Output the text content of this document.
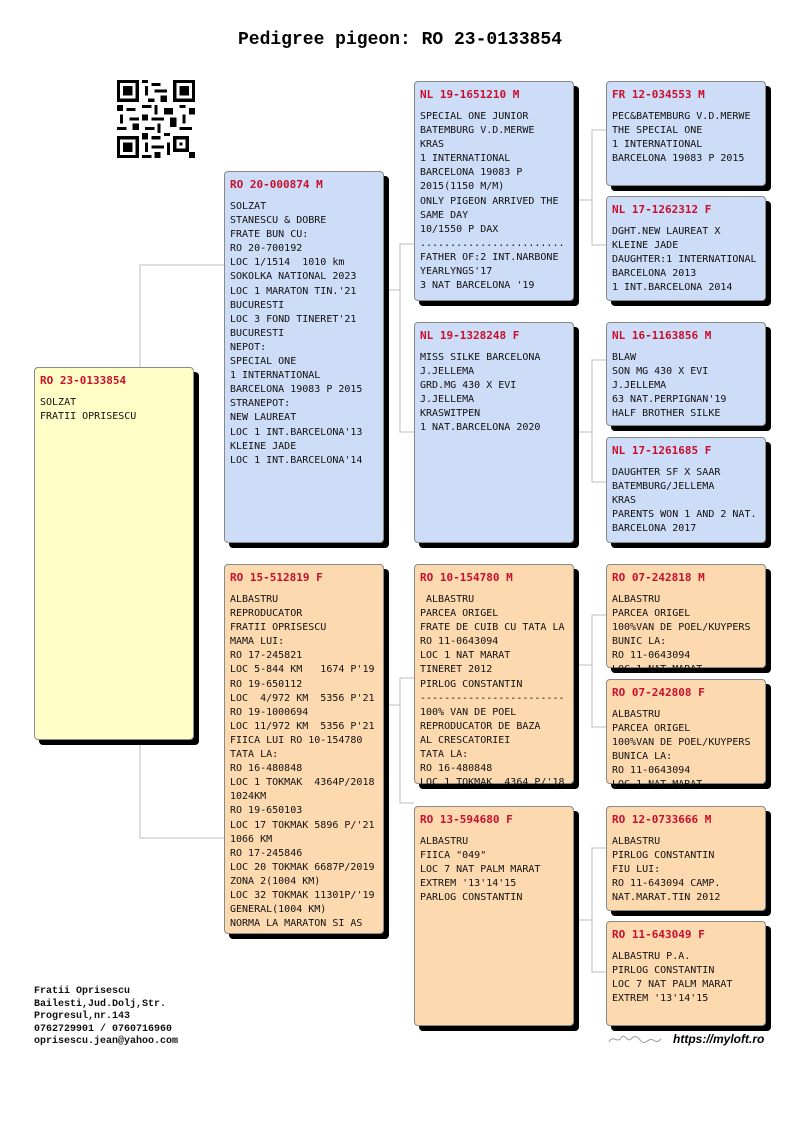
Pedigree pigeon: RO 23-0133854
RO 23-0133854
SOLZAT
FRATII OPRISESCU
RO 20-000874 M
SOLZAT
STANESCU & DOBRE
FRATE BUN CU:
RO 20-700192
LOC 1/1514  1010 km
SOKOLKA NATIONAL 2023
LOC 1 MARATON TIN.'21
BUCURESTI
LOC 3 FOND TINERET'21
BUCURESTI
NEPOT:
SPECIAL ONE
1 INTERNATIONAL
BARCELONA 19083 P 2015
STRANEPOT:
NEW LAUREAT
LOC 1 INT.BARCELONA'13
KLEINE JADE
LOC 1 INT.BARCELONA'14
RO 15-512819 F
ALBASTRU
REPRODUCATOR
FRATII OPRISESCU
MAMA LUI:
RO 17-245821
LOC 5-844 KM   1674 P'19
RO 19-650112
LOC  4/972 KM  5356 P'21
RO 19-1000694
LOC 11/972 KM  5356 P'21
FIICA LUI RO 10-154780
TATA LA:
RO 16-480848
LOC 1 TOKMAK  4364P/2018
1024KM
RO 19-650103
LOC 17 TOKMAK 5896 P/'21
1066 KM
RO 17-245846
LOC 20 TOKMAK 6687P/2019
ZONA 2(1004 KM)
LOC 32 TOKMAK 11301P/'19
GENERAL(1004 KM)
NORMA LA MARATON SI AS
NL 19-1651210 M
SPECIAL ONE JUNIOR
BATEMBURG V.D.MERWE
KRAS
1 INTERNATIONAL
BARCELONA 19083 P
2015(1150 M/M)
ONLY PIGEON ARRIVED THE
SAME DAY
10/1550 P DAX
........................
FATHER OF:2 INT.NARBONE
YEARLYNGS'17
3 NAT BARCELONA '19
NL 19-1328248 F
MISS SILKE BARCELONA
J.JELLEMA
GRD.MG 430 X EVI
J.JELLEMA
KRASWITPEN
1 NAT.BARCELONA 2020
RO 10-154780 M
ALBASTRU
PARCEA ORIGEL
FRATE DE CUIB CU TATA LA
RO 11-0643094
LOC 1 NAT MARAT
TINERET 2012
PIRLOG CONSTANTIN
------------------------
100% VAN DE POEL
REPRODUCATOR DE BAZA
AL CRESCATORIEI
TATA LA:
RO 16-480848
LOC 1 TOKMAK  4364 P/'18
RO 13-594680 F
ALBASTRU
FIICA "049"
LOC 7 NAT PALM MARAT
EXTREM '13'14'15
PARLOG CONSTANTIN
FR 12-034553 M
PEC&BATEMBURG V.D.MERWE
THE SPECIAL ONE
1 INTERNATIONAL
BARCELONA 19083 P 2015
NL 17-1262312 F
DGHT.NEW LAUREAT X
KLEINE JADE
DAUGHTER:1 INTERNATIONAL
BARCELONA 2013
1 INT.BARCELONA 2014
NL 16-1163856 M
BLAW
SON MG 430 X EVI
J.JELLEMA
63 NAT.PERPIGNAN'19
HALF BROTHER SILKE
NL 17-1261685 F
DAUGHTER SF X SAAR
BATEMBURG/JELLEMA
KRAS
PARENTS WON 1 AND 2 NAT.
BARCELONA 2017
RO 07-242818 M
ALBASTRU
PARCEA ORIGEL
100%VAN DE POEL/KUYPERS
BUNIC LA:
RO 11-0643094
LOC 1 NAT MARAT
RO 07-242808 F
ALBASTRU
PARCEA ORIGEL
100%VAN DE POEL/KUYPERS
BUNICA LA:
RO 11-0643094
LOC 1 NAT MARAT
RO 12-0733666 M
ALBASTRU
PIRLOG CONSTANTIN
FIU LUI:
RO 11-643094 CAMP.
NAT.MARAT.TIN 2012
RO 11-643049 F
ALBASTRU P.A.
PIRLOG CONSTANTIN
LOC 7 NAT PALM MARAT
EXTREM '13'14'15
Fratii Oprisescu
Bailesti,Jud.Dolj,Str.
Progresul,nr.143
0762729901 / 0760716960
oprisescu.jean@yahoo.com	https://myloft.ro
